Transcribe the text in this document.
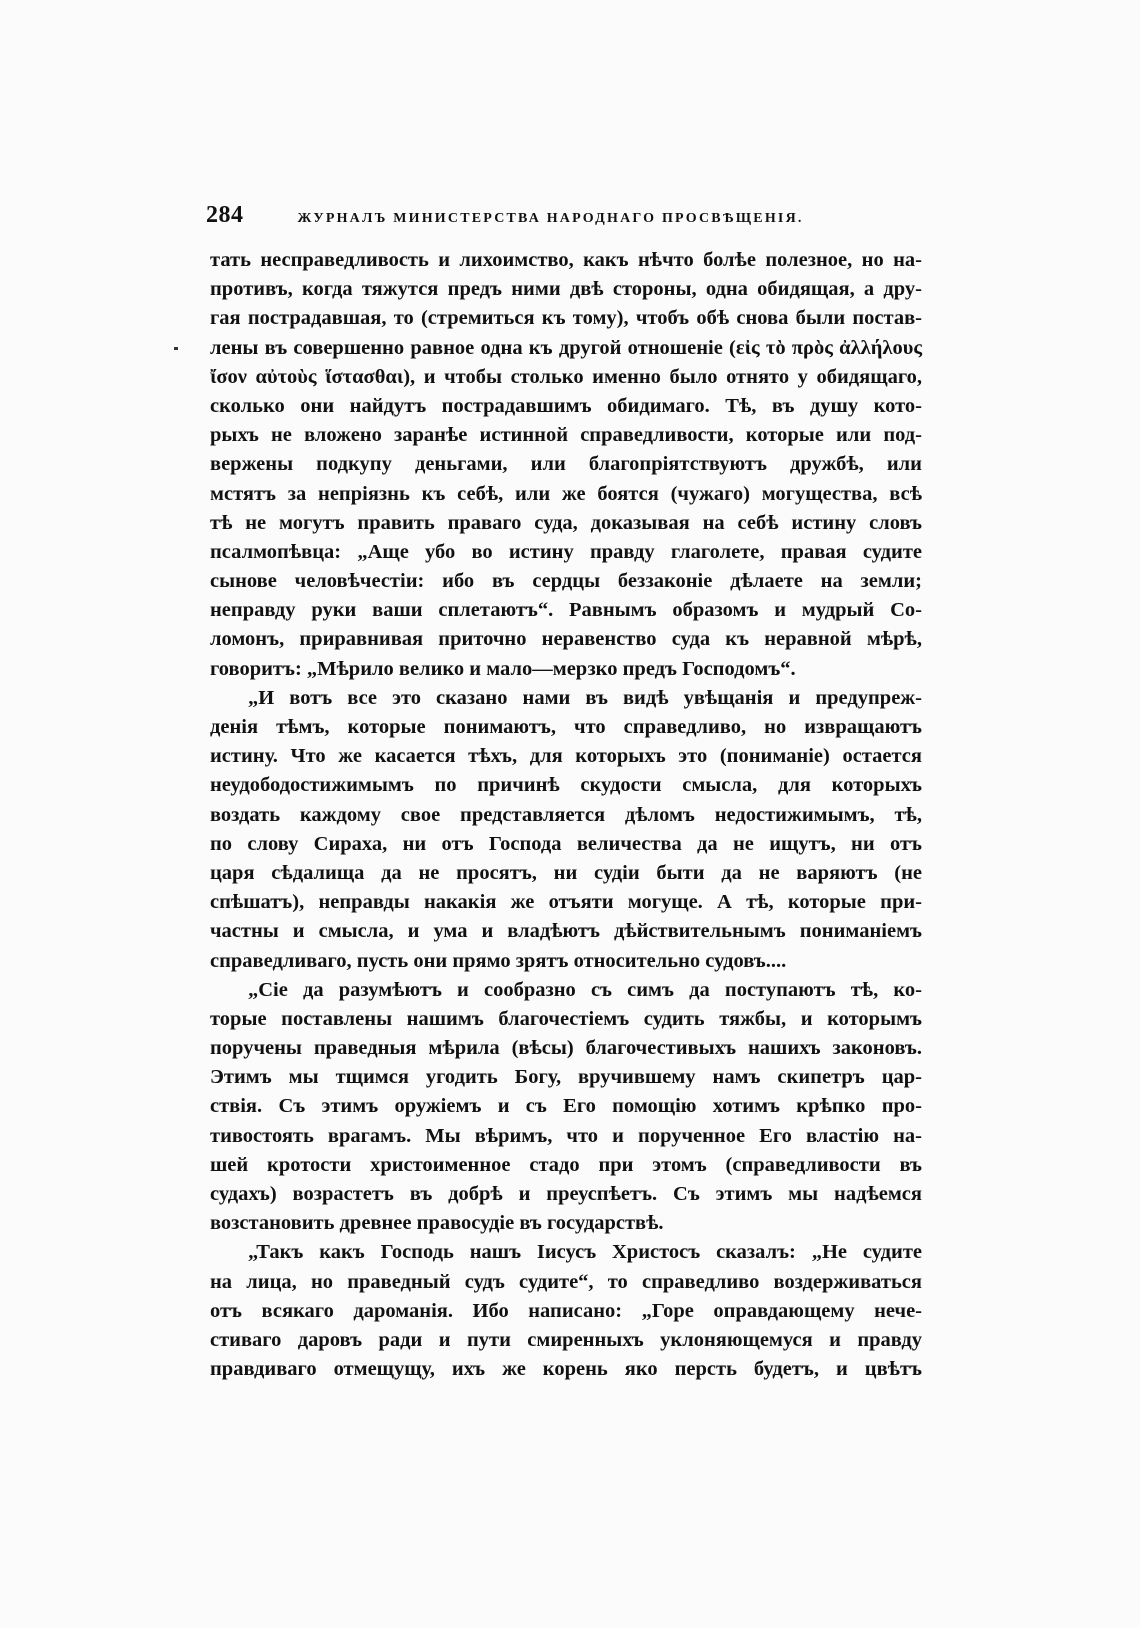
284	ЖУРНАЛЪ МИНИСТЕРСТВА НАРОДНАГО ПРОСВѢЩЕНІЯ.
тать несправедливость и лихоимство, какъ нѣчто болѣе полезное, но на-
противъ, когда тяжутся предъ ними двѣ стороны, одна обидящая, а дру-
гая пострадавшая, то (стремиться къ тому), чтобъ обѣ снова были постав-
лены въ совершенно равное одна къ другой отношеніе (εἰς τὸ πρὸς ἀλλήλους
ἴσον αὐτοὺς ἵστασθαι), и чтобы столько именно было отнято у обидящаго,
сколько они найдутъ пострадавшимъ обидимаго. Тѣ, въ душу кото-
рыхъ не вложено заранѣе истинной справедливости, которые или под-
вержены подкупу деньгами, или благопріятствуютъ дружбѣ, или
мстятъ за непріязнь къ себѣ, или же боятся (чужаго) могущества, всѣ
тѣ не могутъ править праваго суда, доказывая на себѣ истину словъ
псалмопѣвца: „Аще убо во истину правду глаголете, правая судите
сынове человѣчестіи: ибо въ сердцы беззаконіе дѣлаете на земли;
неправду руки ваши сплетаютъ“. Равнымъ образомъ и мудрый Со-
ломонъ, приравнивая приточно неравенство суда къ неравной мѣрѣ,
говоритъ: „Мѣрило велико и мало—мерзко предъ Господомъ“.
„И вотъ все это сказано нами въ видѣ увѣщанія и предупреж-
денія тѣмъ, которые понимаютъ, что справедливо, но извращаютъ
истину. Что же касается тѣхъ, для которыхъ это (пониманіе) остается
неудободостижимымъ по причинѣ скудости смысла, для которыхъ
воздать каждому свое представляется дѣломъ недостижимымъ, тѣ,
по слову Сираха, ни отъ Господа величества да не ищутъ, ни отъ
царя сѣдалища да не просятъ, ни судіи быти да не варяютъ (не
спѣшатъ), неправды накакія же отъяти могуще. А тѣ, которые при-
частны и смысла, и ума и владѣютъ дѣйствительнымъ пониманіемъ
справедливаго, пусть они прямо зрятъ относительно судовъ....
„Сіе да разумѣютъ и сообразно съ симъ да поступаютъ тѣ, ко-
торые поставлены нашимъ благочестіемъ судить тяжбы, и которымъ
поручены праведныя мѣрила (вѣсы) благочестивыхъ нашихъ законовъ.
Этимъ мы тщимся угодить Богу, вручившему намъ скипетръ цар-
ствія. Съ этимъ оружіемъ и съ Его помощію хотимъ крѣпко про-
тивостоять врагамъ. Мы вѣримъ, что и порученное Его властію на-
шей кротости христоименное стадо при этомъ (справедливости въ
судахъ) возрастетъ въ добрѣ и преуспѣетъ. Съ этимъ мы надѣемся
возстановить древнее правосудіе въ государствѣ.
„Такъ какъ Господь нашъ Іисусъ Христосъ сказалъ: „Не судите
на лица, но праведный судъ судите“, то справедливо воздерживаться
отъ всякаго дароманія. Ибо написано: „Горе оправдающему нече-
стиваго даровъ ради и пути смиренныхъ уклоняющемуся и правду
правдиваго отмещущу, ихъ же корень яко персть будетъ, и цвѣтъ
